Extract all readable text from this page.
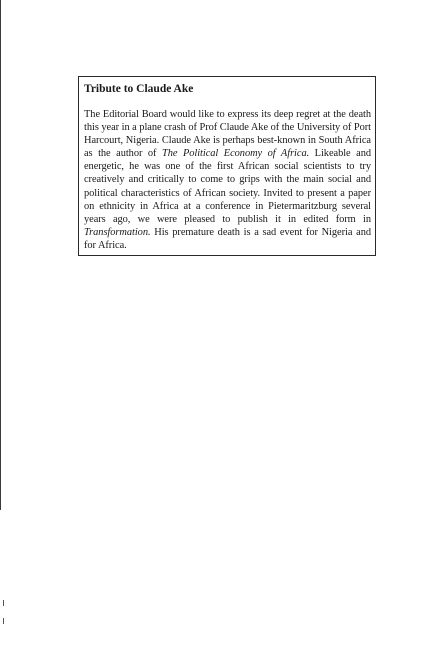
Tribute to Claude Ake

The Editorial Board would like to express its deep regret at the death this year in a plane crash of Prof Claude Ake of the University of Port Harcourt, Nigeria. Claude Ake is perhaps best-known in South Africa as the author of The Political Economy of Africa. Likeable and energetic, he was one of the first African social scientists to try creatively and critically to come to grips with the main social and political characteristics of African society. Invited to present a paper on ethnicity in Africa at a conference in Pietermaritzburg several years ago, we were pleased to publish it in edited form in Transformation. His premature death is a sad event for Nigeria and for Africa.
